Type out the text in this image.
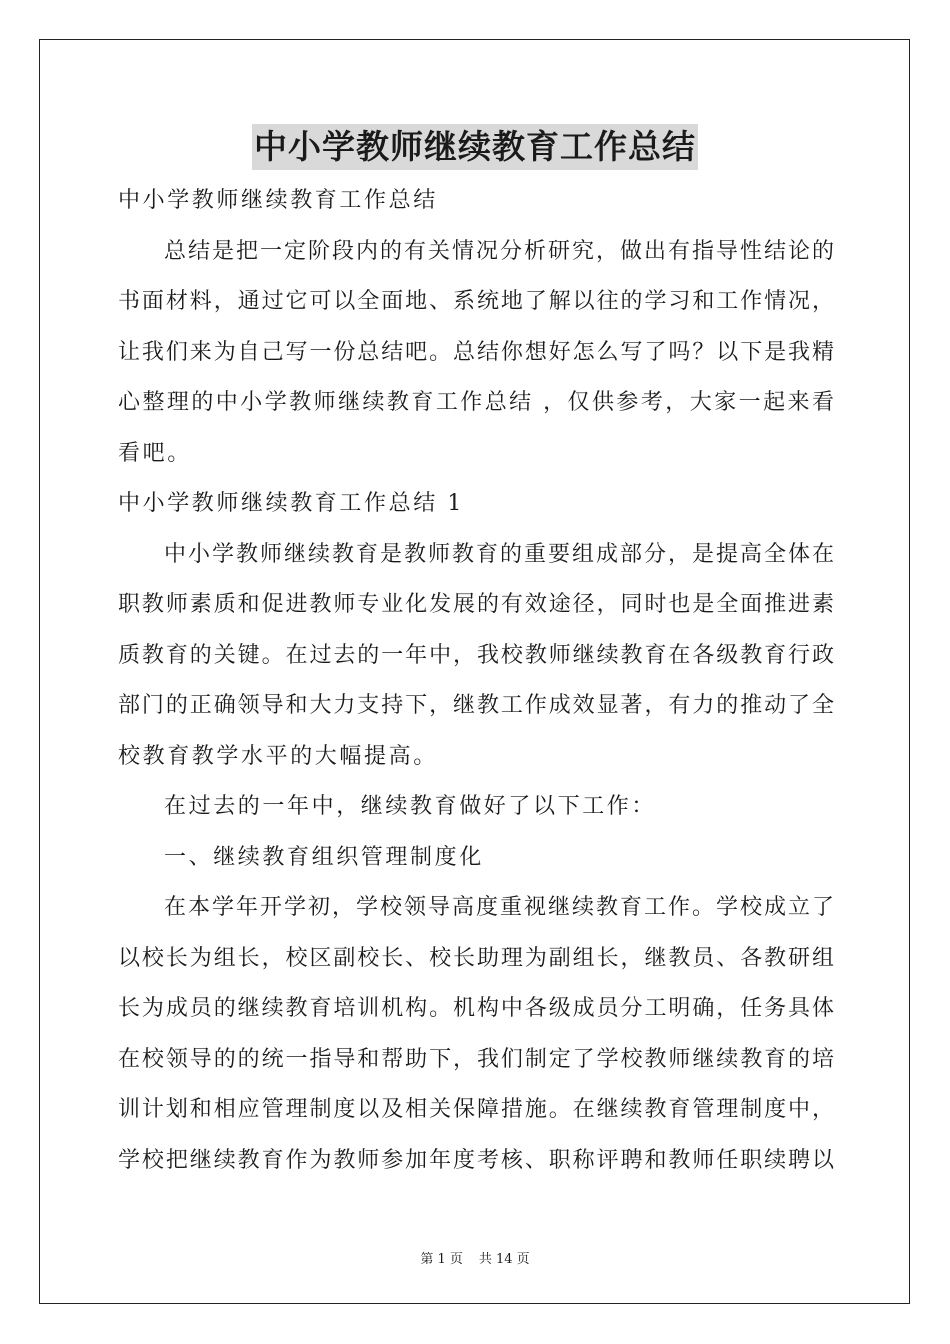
中小学教师继续教育工作总结
中小学教师继续教育工作总结
总结是把一定阶段内的有关情况分析研究，做出有指导性结论的
书面材料，通过它可以全面地、系统地了解以往的学习和工作情况，
让我们来为自己写一份总结吧。总结你想好怎么写了吗？以下是我精
心整理的中小学教师继续教育工作总结 ，仅供参考，大家一起来看
看吧。
中小学教师继续教育工作总结 1
中小学教师继续教育是教师教育的重要组成部分，是提高全体在
职教师素质和促进教师专业化发展的有效途径，同时也是全面推进素
质教育的关键。在过去的一年中，我校教师继续教育在各级教育行政
部门的正确领导和大力支持下，继教工作成效显著，有力的推动了全
校教育教学水平的大幅提高。
在过去的一年中，继续教育做好了以下工作：
一、继续教育组织管理制度化
在本学年开学初，学校领导高度重视继续教育工作。学校成立了
以校长为组长，校区副校长、校长助理为副组长，继教员、各教研组
长为成员的继续教育培训机构。机构中各级成员分工明确，任务具体
在校领导的的统一指导和帮助下，我们制定了学校教师继续教育的培
训计划和相应管理制度以及相关保障措施。在继续教育管理制度中，
学校把继续教育作为教师参加年度考核、职称评聘和教师任职续聘以
第 1 页 共 14 页
